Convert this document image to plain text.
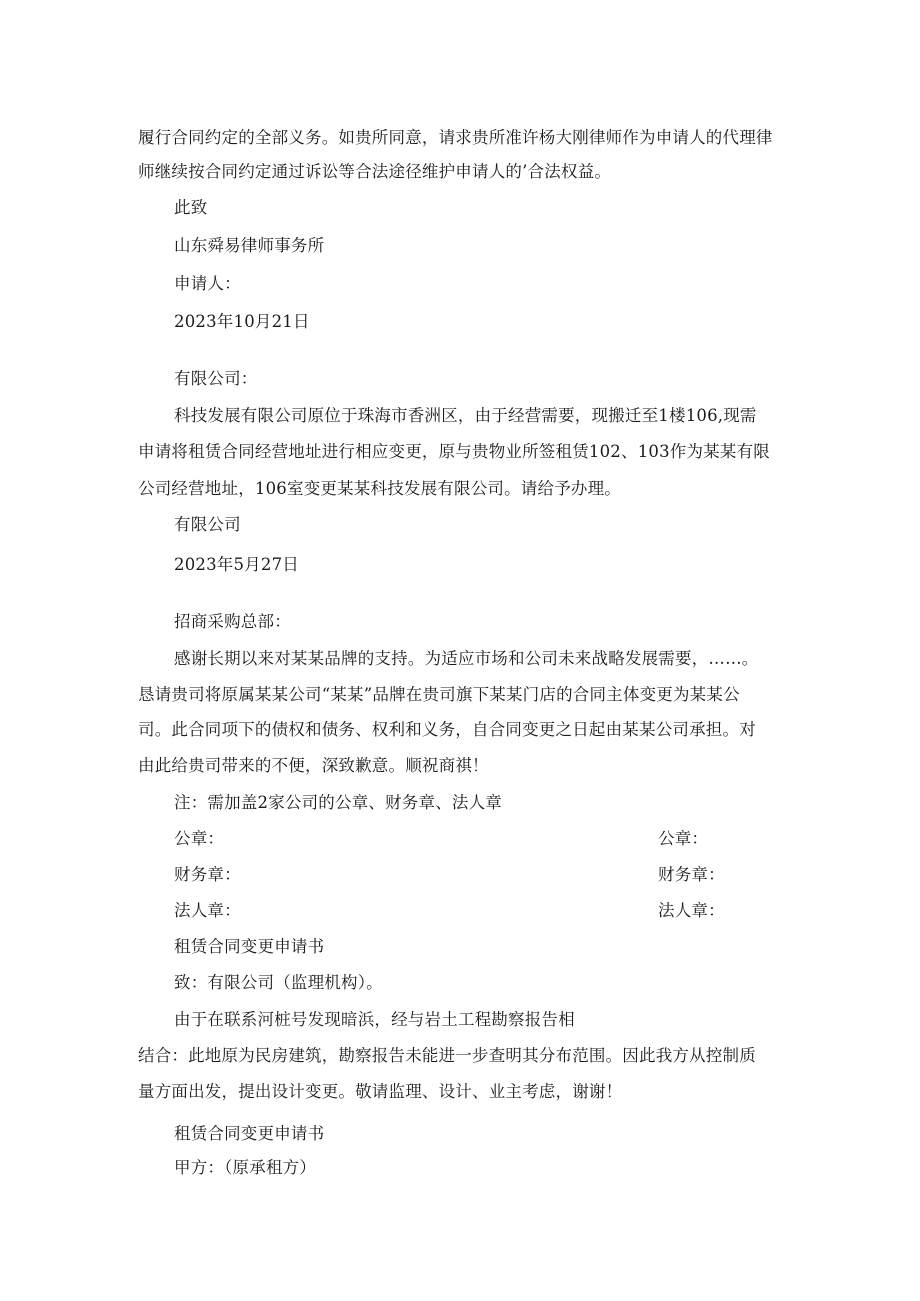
履行合同约定的全部义务。如贵所同意，请求贵所准许杨大刚律师作为申请人的代理律
师继续按合同约定通过诉讼等合法途径维护申请人的’合法权益。
此致
山东舜易律师事务所
申请人：
2023年10月21日
有限公司：
科技发展有限公司原位于珠海市香洲区，由于经营需要，现搬迁至1楼106,现需
申请将租赁合同经营地址进行相应变更，原与贵物业所签租赁102、103作为某某有限
公司经营地址，106室变更某某科技发展有限公司。请给予办理。
有限公司
2023年5月27日
招商采购总部：
感谢长期以来对某某品牌的支持。为适应市场和公司未来战略发展需要，……。
恳请贵司将原属某某公司“某某”品牌在贵司旗下某某门店的合同主体变更为某某公
司。此合同项下的债权和债务、权利和义务，自合同变更之日起由某某公司承担。对
由此给贵司带来的不便，深致歉意。顺祝商祺！
注：需加盖2家公司的公章、财务章、法人章
公章：	公章：
财务章：	财务章：
法人章：	法人章：
租赁合同变更申请书
致：有限公司（监理机构）。
由于在联系河桩号发现暗浜，经与岩土工程勘察报告相
结合：此地原为民房建筑，勘察报告未能进一步查明其分布范围。因此我方从控制质
量方面出发，提出设计变更。敬请监理、设计、业主考虑，谢谢！
租赁合同变更申请书
甲方：（原承租方）
